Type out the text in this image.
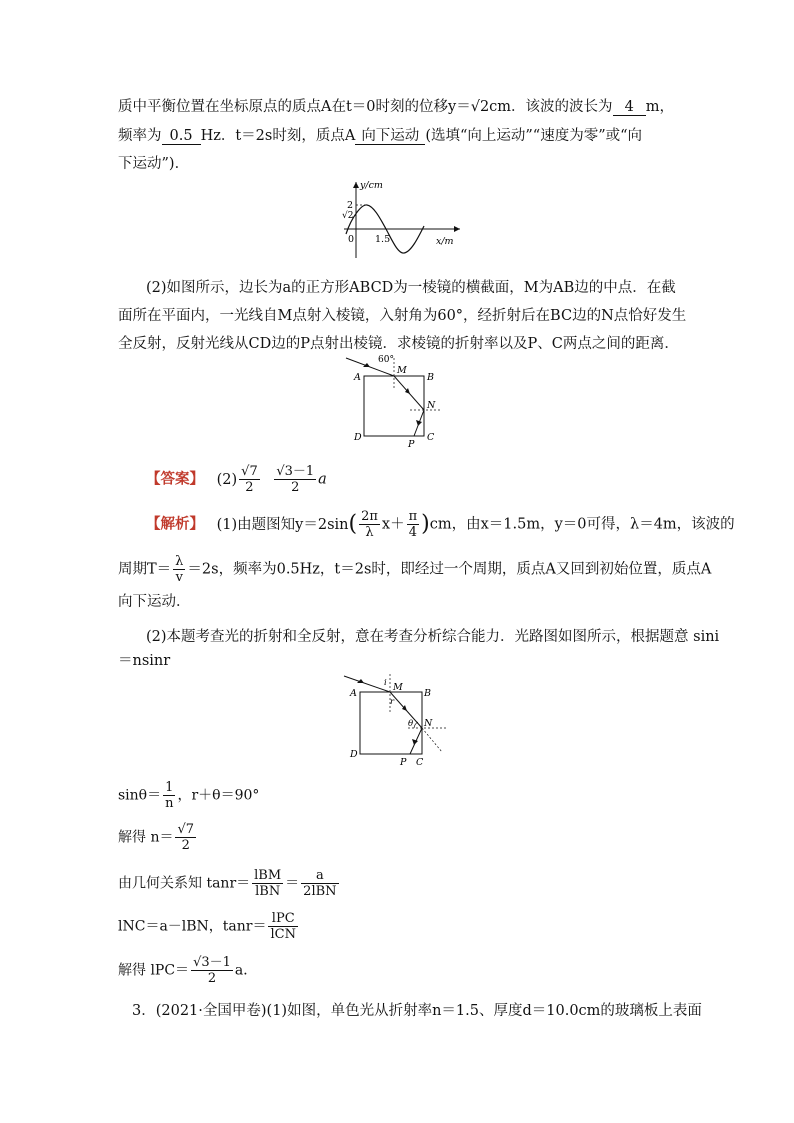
质中平衡位置在坐标原点的质点A在t＝0时刻的位移y＝√2cm．该波的波长为 4 m，
频率为 0.5 Hz．t＝2s时刻，质点A 向下运动 (选填“向上运动”“速度为零”或“向
下运动”)．
y/cm
x/m
0 1.5
2
√2
(2)如图所示，边长为a的正方形ABCD为一棱镜的横截面，M为AB边的中点．在截
面所在平面内，一光线自M点射入棱镜，入射角为60°，经折射后在BC边的N点恰好发生
全反射，反射光线从CD边的P点射出棱镜．求棱镜的折射率以及P、C两点之间的距离．
60°
A	B
M
N
D	C
P
【答案】 $(2) \frac{√7}{2}$
$\frac{√3-1}{2}$ a
【解析】 (1)由题图知$y=2\sin( \frac{2\pi}{\lambda} x+ \frac{\pi}{4} )cm$，由x＝1.5m，y＝0可得，λ＝4m，该波的
周期$T= \frac{\lambda}{v} =2s$，频率为0.5Hz，t＝2s时，即经过一个周期，质点A又回到初始位置，质点A
向下运动．
(2)本题考查光的折射和全反射，意在考查分析综合能力．光路图如图所示，根据题意 sini
＝nsinr
A	B
M
N
D
C
P
i
r
θ
$\sin\theta= \frac{1}{n}$ ，r＋θ＝90°
解得 $n= \frac{√7}{2}$
由几何关系知 $\tan r= \frac{\text{lBM}}{\text{lBN}} = \frac{a}{\text{2lBN}}$
lNC＝a－lBN，$\tan r= \frac{\text{lPC}}{\text{lCN}}$
解得 $lPC= \frac{√3-1}{2}$ a．
3．(2021·全国甲卷)(1)如图，单色光从折射率n＝1.5、厚度d＝10.0cm的玻璃板上表面
